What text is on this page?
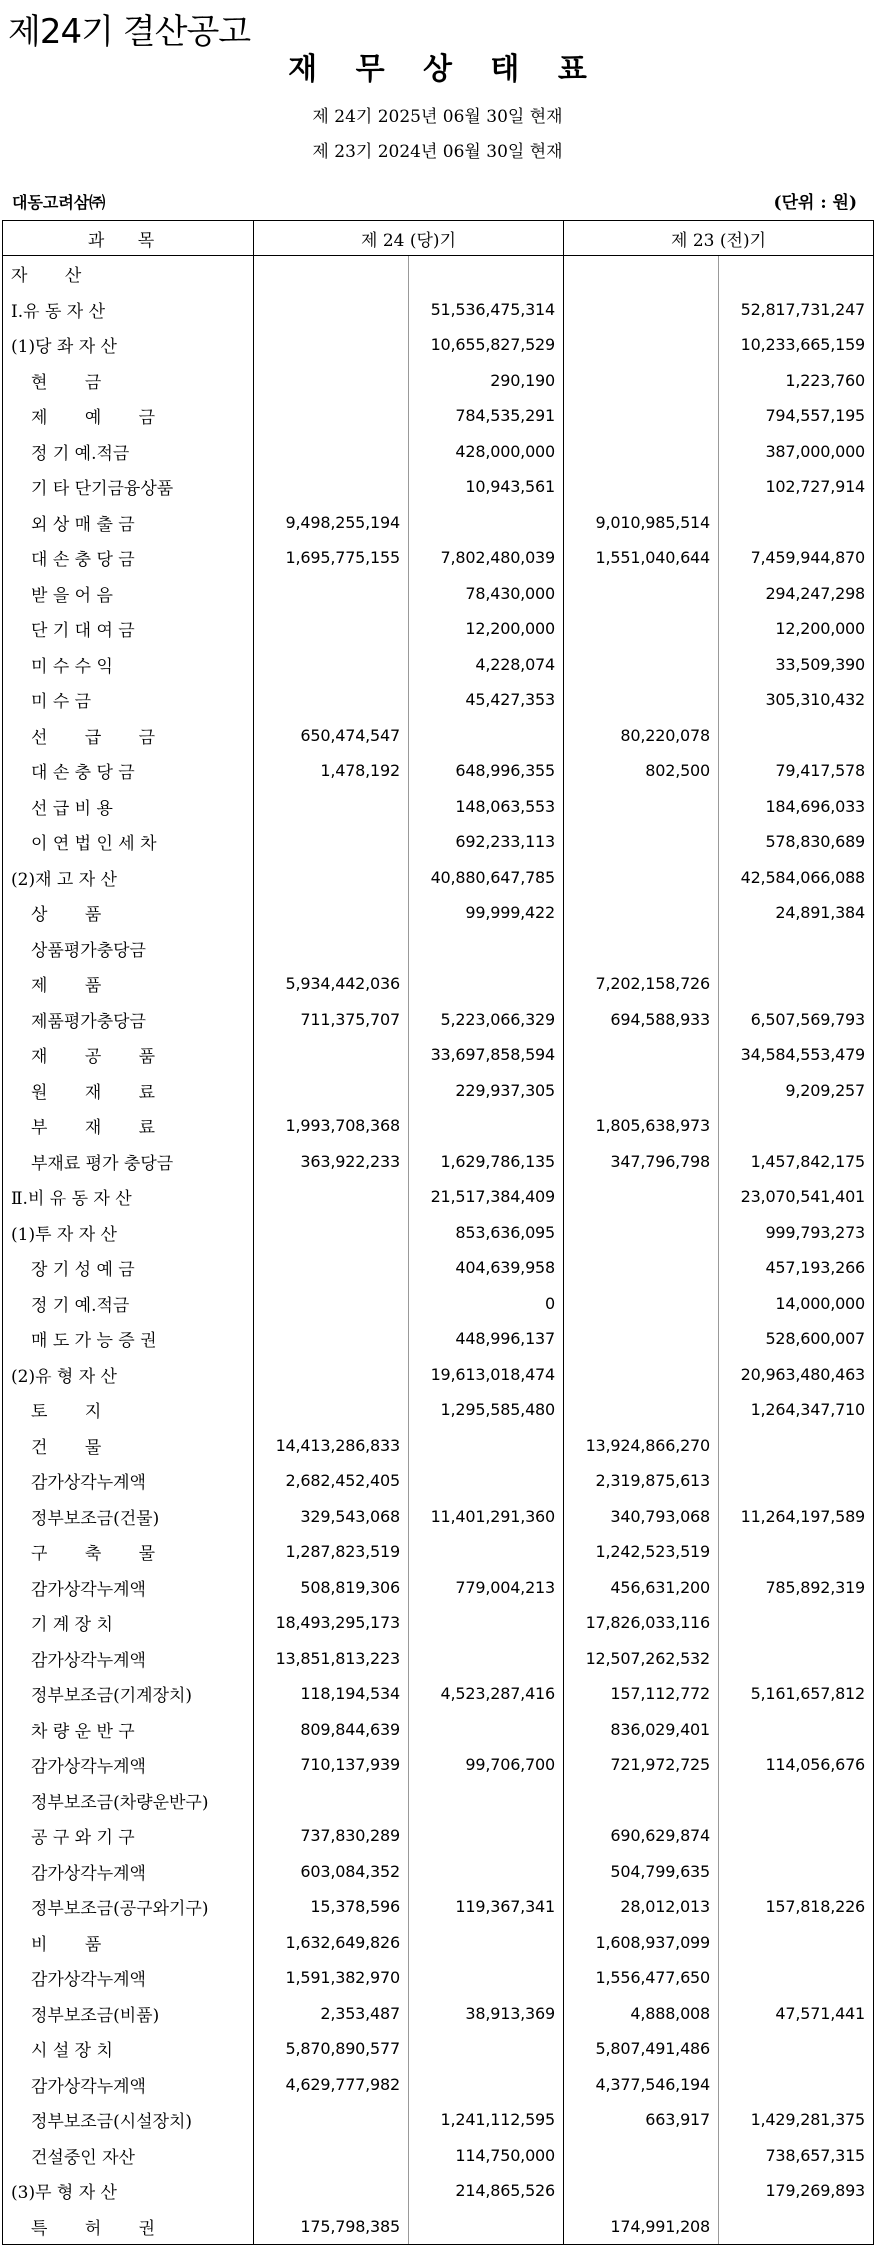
제24기 결산공고
재 무 상 태 표
제 24기 2025년 06월 30일 현재
제 23기 2024년 06월 30일 현재
대동고려삼㈜	(단위 : 원)
과 목	제 24 (당)기		제 23 (전)기	
자 산				
Ⅰ.유 동 자 산		51,536,475,314		52,817,731,247
(1)당 좌 자 산		10,655,827,529		10,233,665,159
현 금		290,190		1,223,760
제 예 금		784,535,291		794,557,195
정 기 예.적금		428,000,000		387,000,000
기 타 단기금융상품		10,943,561		102,727,914
외 상 매 출 금	9,498,255,194		9,010,985,514	
대 손 충 당 금	1,695,775,155	7,802,480,039	1,551,040,644	7,459,944,870
받 을 어 음		78,430,000		294,247,298
단 기 대 여 금		12,200,000		12,200,000
미 수 수 익		4,228,074		33,509,390
미 수 금		45,427,353		305,310,432
선 급 금	650,474,547		80,220,078	
대 손 충 당 금	1,478,192	648,996,355	802,500	79,417,578
선 급 비 용		148,063,553		184,696,033
이 연 법 인 세 차		692,233,113		578,830,689
(2)재 고 자 산		40,880,647,785		42,584,066,088
상 품		99,999,422		24,891,384
상품평가충당금				
제 품	5,934,442,036		7,202,158,726	
제품평가충당금	711,375,707	5,223,066,329	694,588,933	6,507,569,793
재 공 품		33,697,858,594		34,584,553,479
원 재 료		229,937,305		9,209,257
부 재 료	1,993,708,368		1,805,638,973	
부재료 평가 충당금	363,922,233	1,629,786,135	347,796,798	1,457,842,175
Ⅱ.비 유 동 자 산		21,517,384,409		23,070,541,401
(1)투 자 자 산		853,636,095		999,793,273
장 기 성 예 금		404,639,958		457,193,266
정 기 예.적금		0		14,000,000
매 도 가 능 증 권		448,996,137		528,600,007
(2)유 형 자 산		19,613,018,474		20,963,480,463
토 지		1,295,585,480		1,264,347,710
건 물	14,413,286,833		13,924,866,270	
감가상각누계액	2,682,452,405		2,319,875,613	
정부보조금(건물)	329,543,068	11,401,291,360	340,793,068	11,264,197,589
구 축 물	1,287,823,519		1,242,523,519	
감가상각누계액	508,819,306	779,004,213	456,631,200	785,892,319
기 계 장 치	18,493,295,173		17,826,033,116	
감가상각누계액	13,851,813,223		12,507,262,532	
정부보조금(기계장치)	118,194,534	4,523,287,416	157,112,772	5,161,657,812
차 량 운 반 구	809,844,639		836,029,401	
감가상각누계액	710,137,939	99,706,700	721,972,725	114,056,676
정부보조금(차량운반구)				
공 구 와 기 구	737,830,289		690,629,874	
감가상각누계액	603,084,352		504,799,635	
정부보조금(공구와기구)	15,378,596	119,367,341	28,012,013	157,818,226
비 품	1,632,649,826		1,608,937,099	
감가상각누계액	1,591,382,970		1,556,477,650	
정부보조금(비품)	2,353,487	38,913,369	4,888,008	47,571,441
시 설 장 치	5,870,890,577		5,807,491,486	
감가상각누계액	4,629,777,982		4,377,546,194	
정부보조금(시설장치)		1,241,112,595	663,917	1,429,281,375
건설중인 자산		114,750,000		738,657,315
(3)무 형 자 산		214,865,526		179,269,893
특 허 권	175,798,385		174,991,208	
